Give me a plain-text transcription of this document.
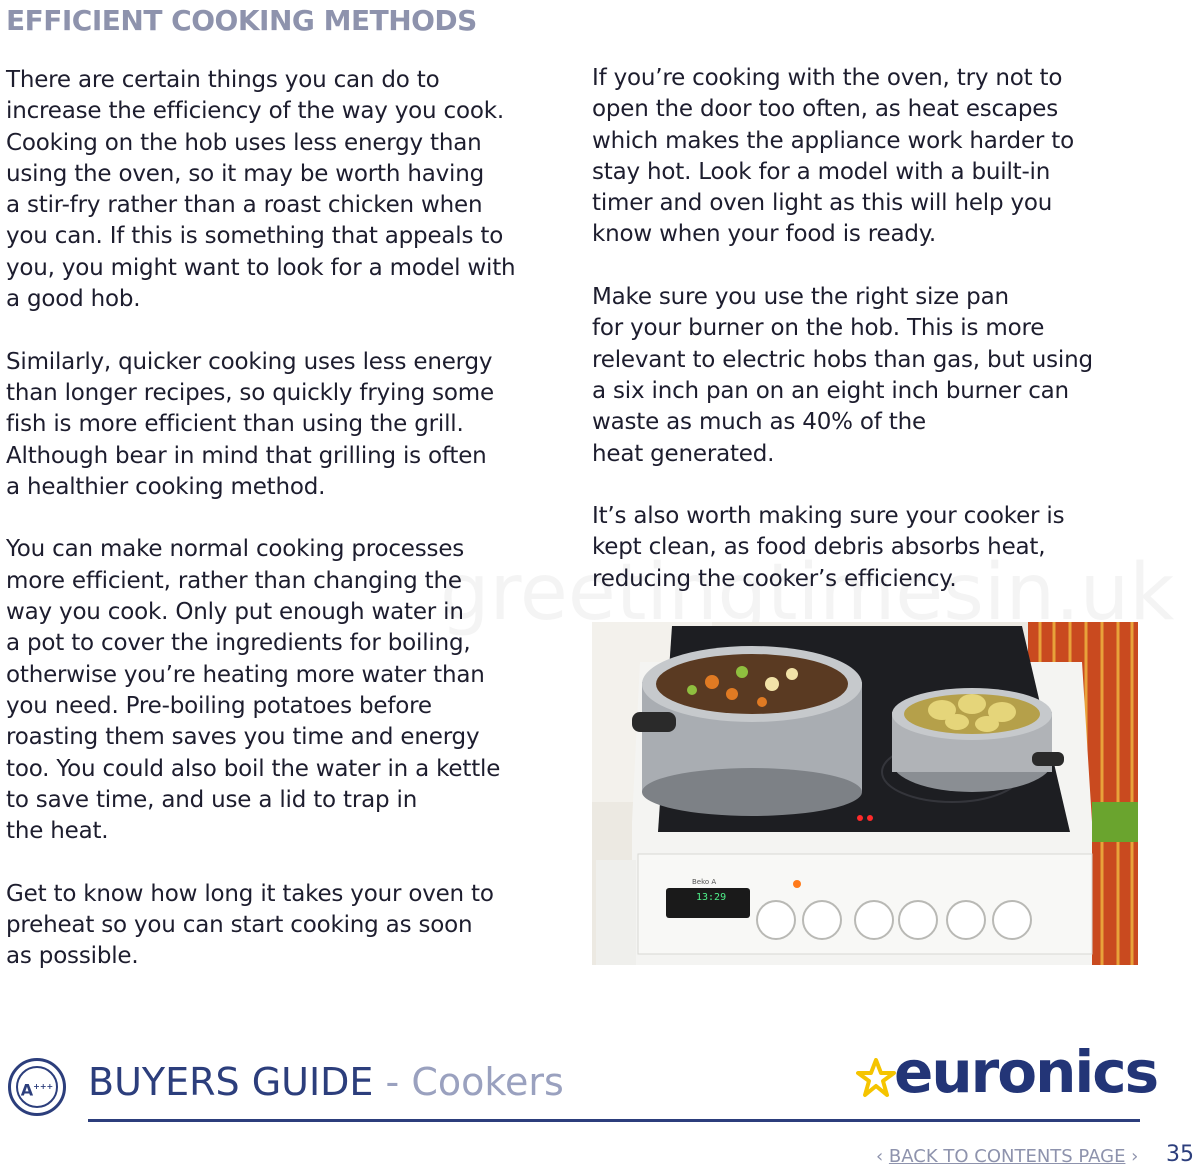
EFFICIENT COOKING METHODS

There are certain things you can do to
increase the efficiency of the way you cook.
Cooking on the hob uses less energy than
using the oven, so it may be worth having
a stir-fry rather than a roast chicken when
you can. If this is something that appeals to
you, you might want to look for a model with
a good hob.

Similarly, quicker cooking uses less energy
than longer recipes, so quickly frying some
fish is more efficient than using the grill.
Although bear in mind that grilling is often
a healthier cooking method.

You can make normal cooking processes
more efficient, rather than changing the
way you cook. Only put enough water in
a pot to cover the ingredients for boiling,
otherwise you’re heating more water than
you need. Pre-boiling potatoes before
roasting them saves you time and energy
too. You could also boil the water in a kettle
to save time, and use a lid to trap in
the heat.

Get to know how long it takes your oven to
preheat so you can start cooking as soon
as possible.

If you’re cooking with the oven, try not to
open the door too often, as heat escapes
which makes the appliance work harder to
stay hot. Look for a model with a built-in
timer and oven light as this will help you
know when your food is ready.

Make sure you use the right size pan
for your burner on the hob. This is more
relevant to electric hobs than gas, but using
a six inch pan on an eight inch burner can
waste as much as 40% of the
heat generated.

It’s also worth making sure your cooker is
kept clean, as food debris absorbs heat,
reducing the cooker’s efficiency.

13:29
Beko A
A+++ BUYERS GUIDE - Cookers	euronics
‹ BACK TO CONTENTS PAGE › 35
